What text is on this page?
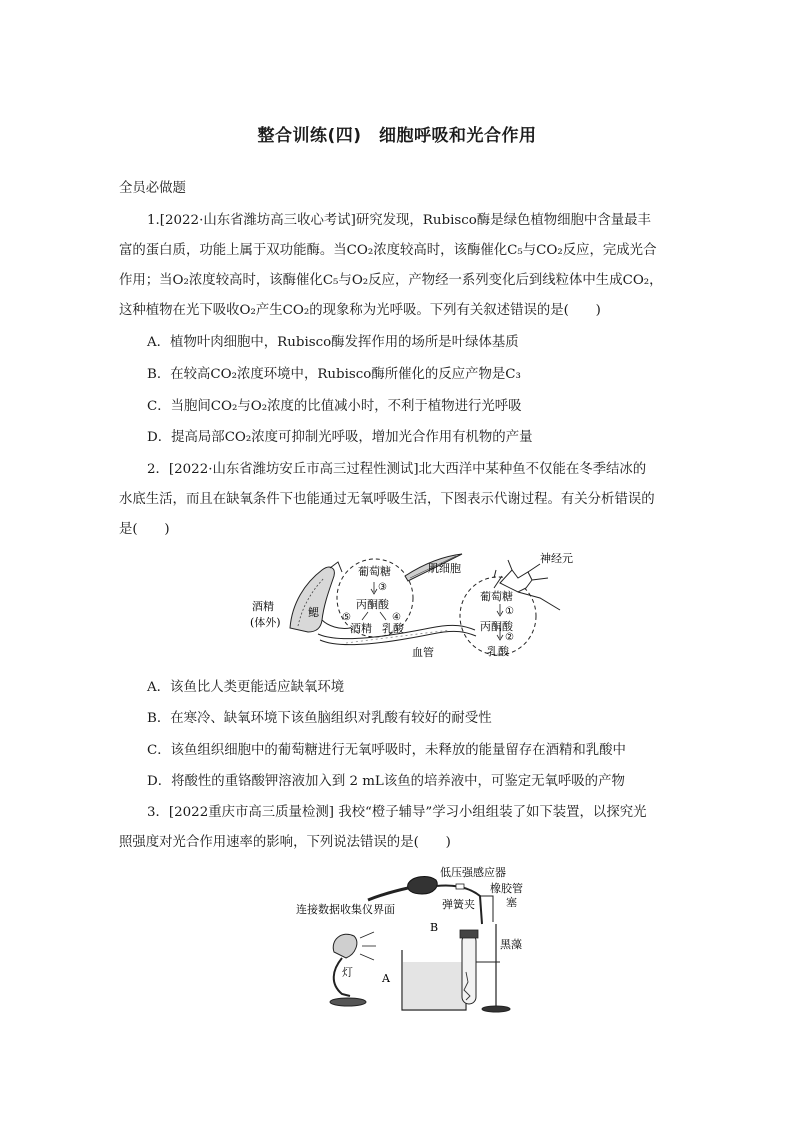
整合训练(四)　细胞呼吸和光合作用
全员必做题
1.[2022·山东省潍坊高三收心考试]研究发现，Rubisco酶是绿色植物细胞中含量最丰
富的蛋白质，功能上属于双功能酶。当CO₂浓度较高时，该酶催化C₅与CO₂反应，完成光合
作用；当O₂浓度较高时，该酶催化C₅与O₂反应，产物经一系列变化后到线粒体中生成CO₂，
这种植物在光下吸收O₂产生CO₂的现象称为光呼吸。下列有关叙述错误的是(　　)
A．植物叶肉细胞中，Rubisco酶发挥作用的场所是叶绿体基质
B．在较高CO₂浓度环境中，Rubisco酶所催化的反应产物是C₃
C．当胞间CO₂与O₂浓度的比值减小时，不利于植物进行光呼吸
D．提高局部CO₂浓度可抑制光呼吸，增加光合作用有机物的产量
2．[2022·山东省潍坊安丘市高三过程性测试]北大西洋中某种鱼不仅能在冬季结冰的
水底生活，而且在缺氧条件下也能通过无氧呼吸生活，下图表示代谢过程。有关分析错误的
是(　　)
酒精
(体外)
鳃
葡萄糖
③
丙酮酸
⑤	④
酒精 乳酸
肌细胞
神经元
葡萄糖
①
丙酮酸
②
乳酸
血管
A．该鱼比人类更能适应缺氧环境
B．在寒冷、缺氧环境下该鱼脑组织对乳酸有较好的耐受性
C．该鱼组织细胞中的葡萄糖进行无氧呼吸时，未释放的能量留存在酒精和乳酸中
D．将酸性的重铬酸钾溶液加入到 2 mL该鱼的培养液中，可鉴定无氧呼吸的产物
3．[2022重庆市高三质量检测] 我校“橙子辅导”学习小组组装了如下装置，以探究光
照强度对光合作用速率的影响，下列说法错误的是(　　)
低压强感应器
橡胶管
塞
连接数据收集仪界面	弹簧夹
B
黑藻
灯	A
